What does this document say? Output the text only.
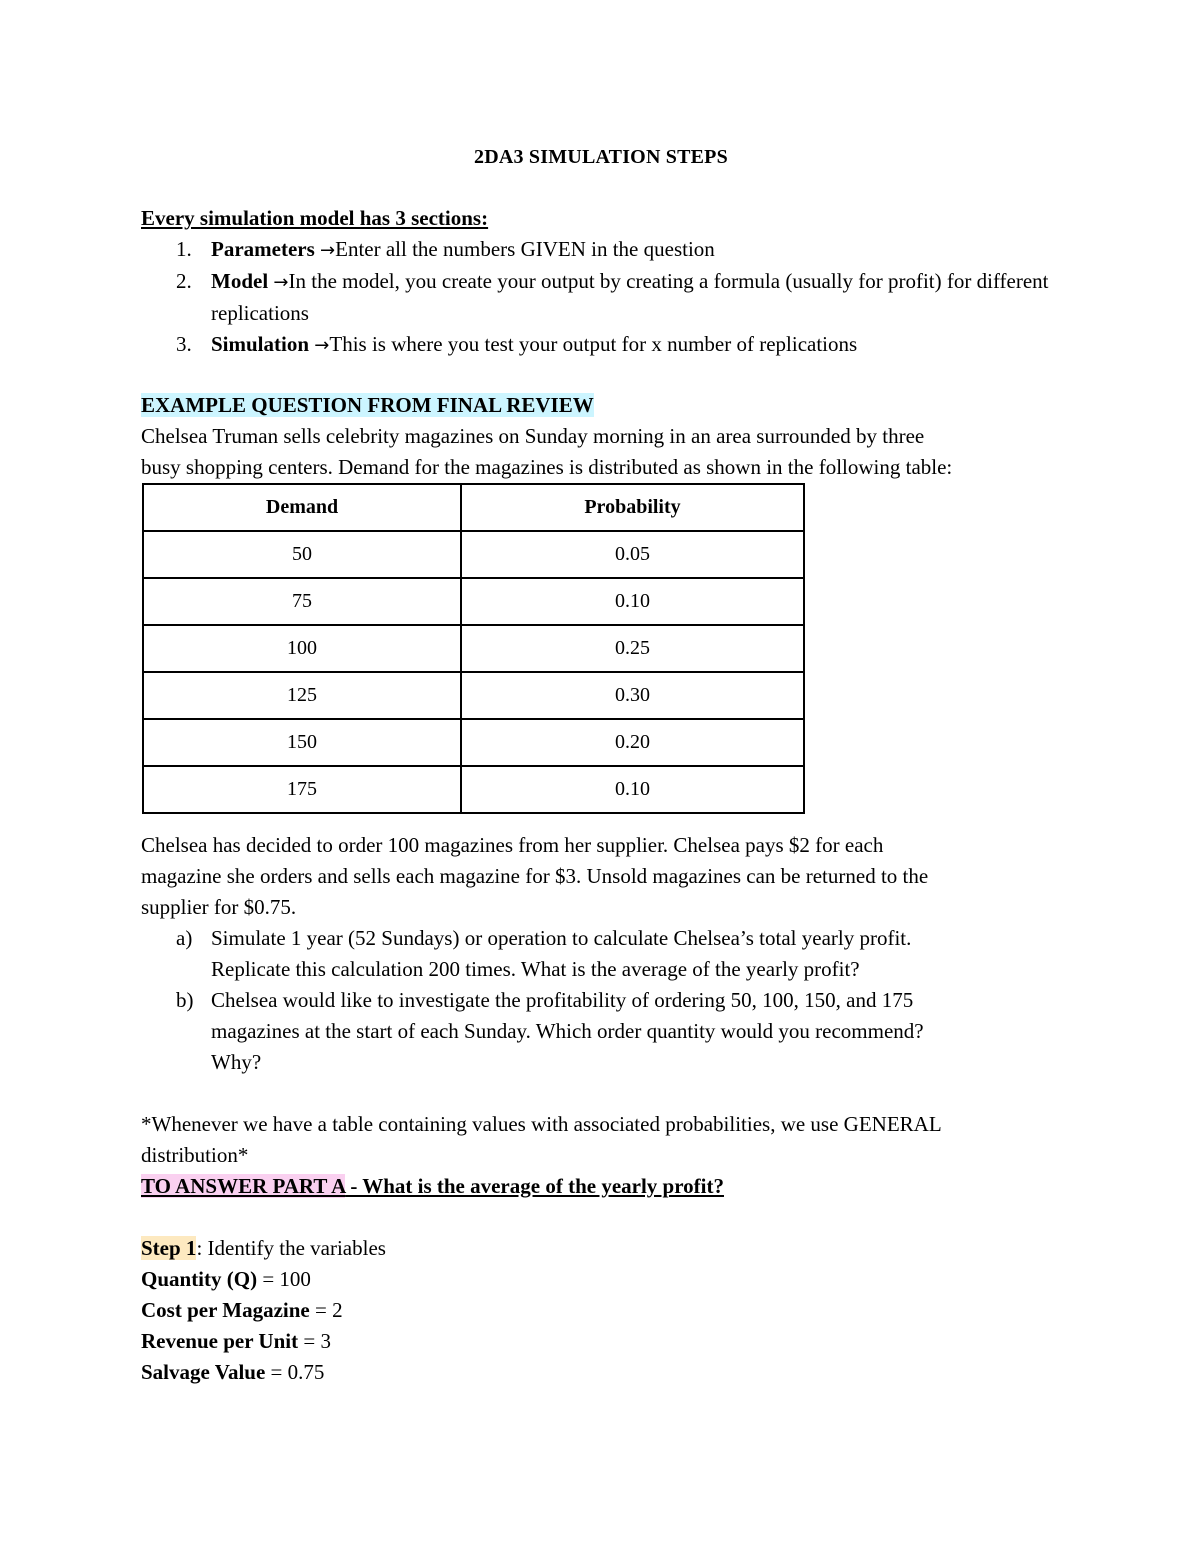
2DA3 SIMULATION STEPS
Every simulation model has 3 sections:
1. Parameters →Enter all the numbers GIVEN in the question
2. Model →In the model, you create your output by creating a formula (usually for profit) for different replications
3. Simulation →This is where you test your output for x number of replications
EXAMPLE QUESTION FROM FINAL REVIEW
Chelsea Truman sells celebrity magazines on Sunday morning in an area surrounded by three
busy shopping centers. Demand for the magazines is distributed as shown in the following table:
Chelsea has decided to order 100 magazines from her supplier. Chelsea pays $2 for each
magazine she orders and sells each magazine for $3. Unsold magazines can be returned to the
supplier for $0.75.
a) Simulate 1 year (52 Sundays) or operation to calculate Chelsea’s total yearly profit.
Replicate this calculation 200 times. What is the average of the yearly profit?
b) Chelsea would like to investigate the profitability of ordering 50, 100, 150, and 175
magazines at the start of each Sunday. Which order quantity would you recommend?
Why?
*Whenever we have a table containing values with associated probabilities, we use GENERAL
distribution*
TO ANSWER PART A - What is the average of the yearly profit?
Step 1: Identify the variables
Quantity (Q) = 100
Cost per Magazine = 2
Revenue per Unit = 3
Salvage Value = 0.75
Demand	Probability
50	0.05
75	0.10
100	0.25
125	0.30
150	0.20
175	0.10
